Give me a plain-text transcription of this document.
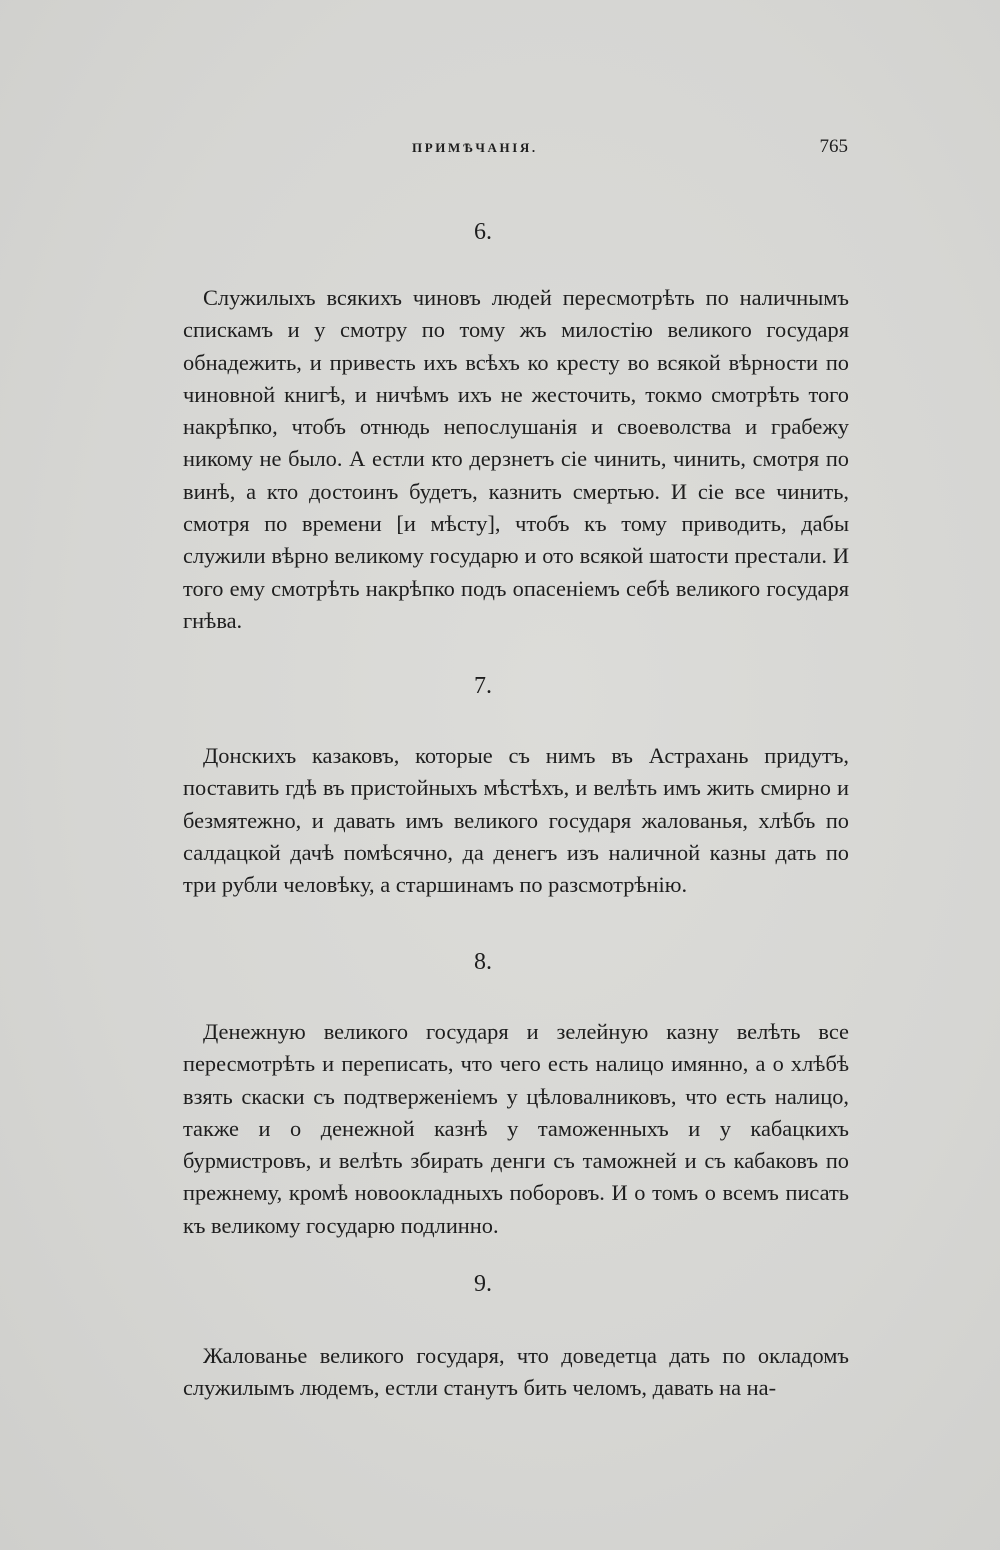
ПРИМѢЧАНІЯ.	765
6.

Служилыхъ всякихъ чиновъ людей пересмотрѣть по наличнымъ спискамъ и у смотру по тому жъ милостію великого государя обнадежить, и привесть ихъ всѣхъ ко кресту во всякой вѣрности по чиновной книгѣ, и ничѣмъ ихъ не жесточить, токмо смотрѣть того накрѣпко, чтобъ отнюдь непослушанія и своеволства и грабежу никому не было. А естли кто дерзнетъ сіе чинить, чинить, смотря по винѣ, а кто достоинъ будетъ, казнить смертью. И сіе все чинить, смотря по времени [и мѣсту], чтобъ къ тому приводить, дабы служили вѣрно великому государю и ото всякой шатости престали. И того ему смотрѣть накрѣпко подъ опасеніемъ себѣ великого государя гнѣва.

7.

Донскихъ казаковъ, которые съ нимъ въ Астрахань придутъ, поставить гдѣ въ пристойныхъ мѣстѣхъ, и велѣть имъ жить смирно и безмятежно, и давать имъ великого государя жалованья, хлѣбъ по салдацкой дачѣ помѣсячно, да денегъ изъ наличной казны дать по три рубли человѣку, а старшинамъ по разсмотрѣнію.

8.

Денежную великого государя и зелейную казну велѣть все пересмотрѣть и переписать, что чего есть налицо имянно, а о хлѣбѣ взять скаски съ подтверженіемъ у цѣловалниковъ, что есть налицо, также и о денежной казнѣ у таможенныхъ и у кабацкихъ бурмистровъ, и велѣть збирать денги съ таможней и съ кабаковъ по прежнему, кромѣ новоокладныхъ поборовъ. И о томъ о всемъ писать къ великому государю подлинно.

9.

Жалованье великого государя, что доведетца дать по окладомъ служилымъ людемъ, естли станутъ бить челомъ, давать на на-
